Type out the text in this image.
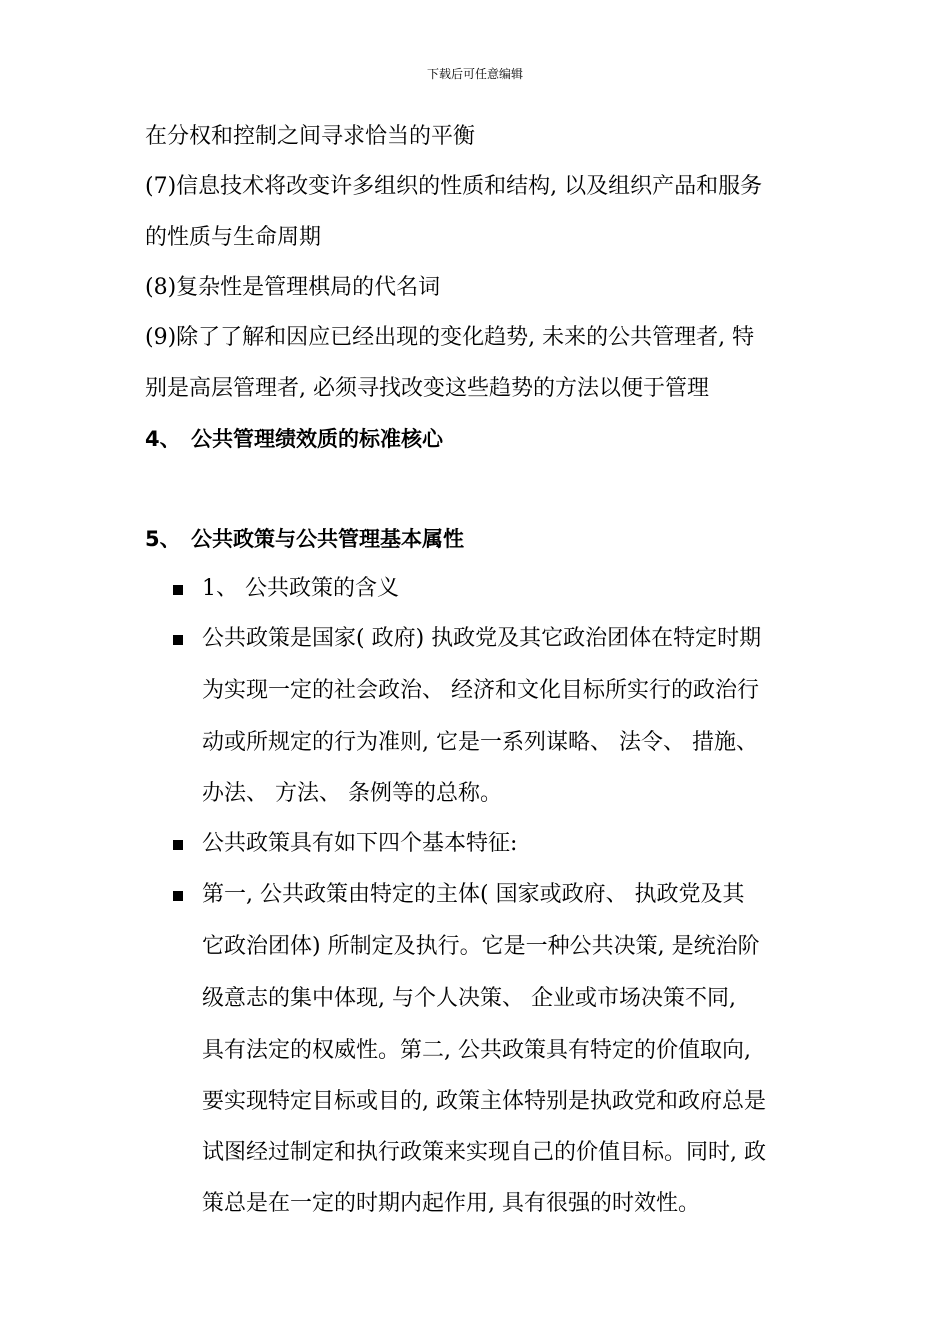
下载后可任意编辑
在分权和控制之间寻求恰当的平衡
(7)信息技术将改变许多组织的性质和结构, 以及组织产品和服务
的性质与生命周期
(8)复杂性是管理棋局的代名词
(9)除了了解和因应已经出现的变化趋势, 未来的公共管理者, 特
别是高层管理者, 必须寻找改变这些趋势的方法以便于管理
4、 公共管理绩效质的标准核心
5、 公共政策与公共管理基本属性
1、 公共政策的含义
公共政策是国家( 政府) 执政党及其它政治团体在特定时期
为实现一定的社会政治、 经济和文化目标所实行的政治行
动或所规定的行为准则, 它是一系列谋略、 法令、 措施、
办法、 方法、 条例等的总称。
公共政策具有如下四个基本特征:
第一, 公共政策由特定的主体( 国家或政府、 执政党及其
它政治团体) 所制定及执行。它是一种公共决策, 是统治阶
级意志的集中体现, 与个人决策、 企业或市场决策不同,
具有法定的权威性。第二, 公共政策具有特定的价值取向,
要实现特定目标或目的, 政策主体特别是执政党和政府总是
试图经过制定和执行政策来实现自己的价值目标。同时, 政
策总是在一定的时期内起作用, 具有很强的时效性。
